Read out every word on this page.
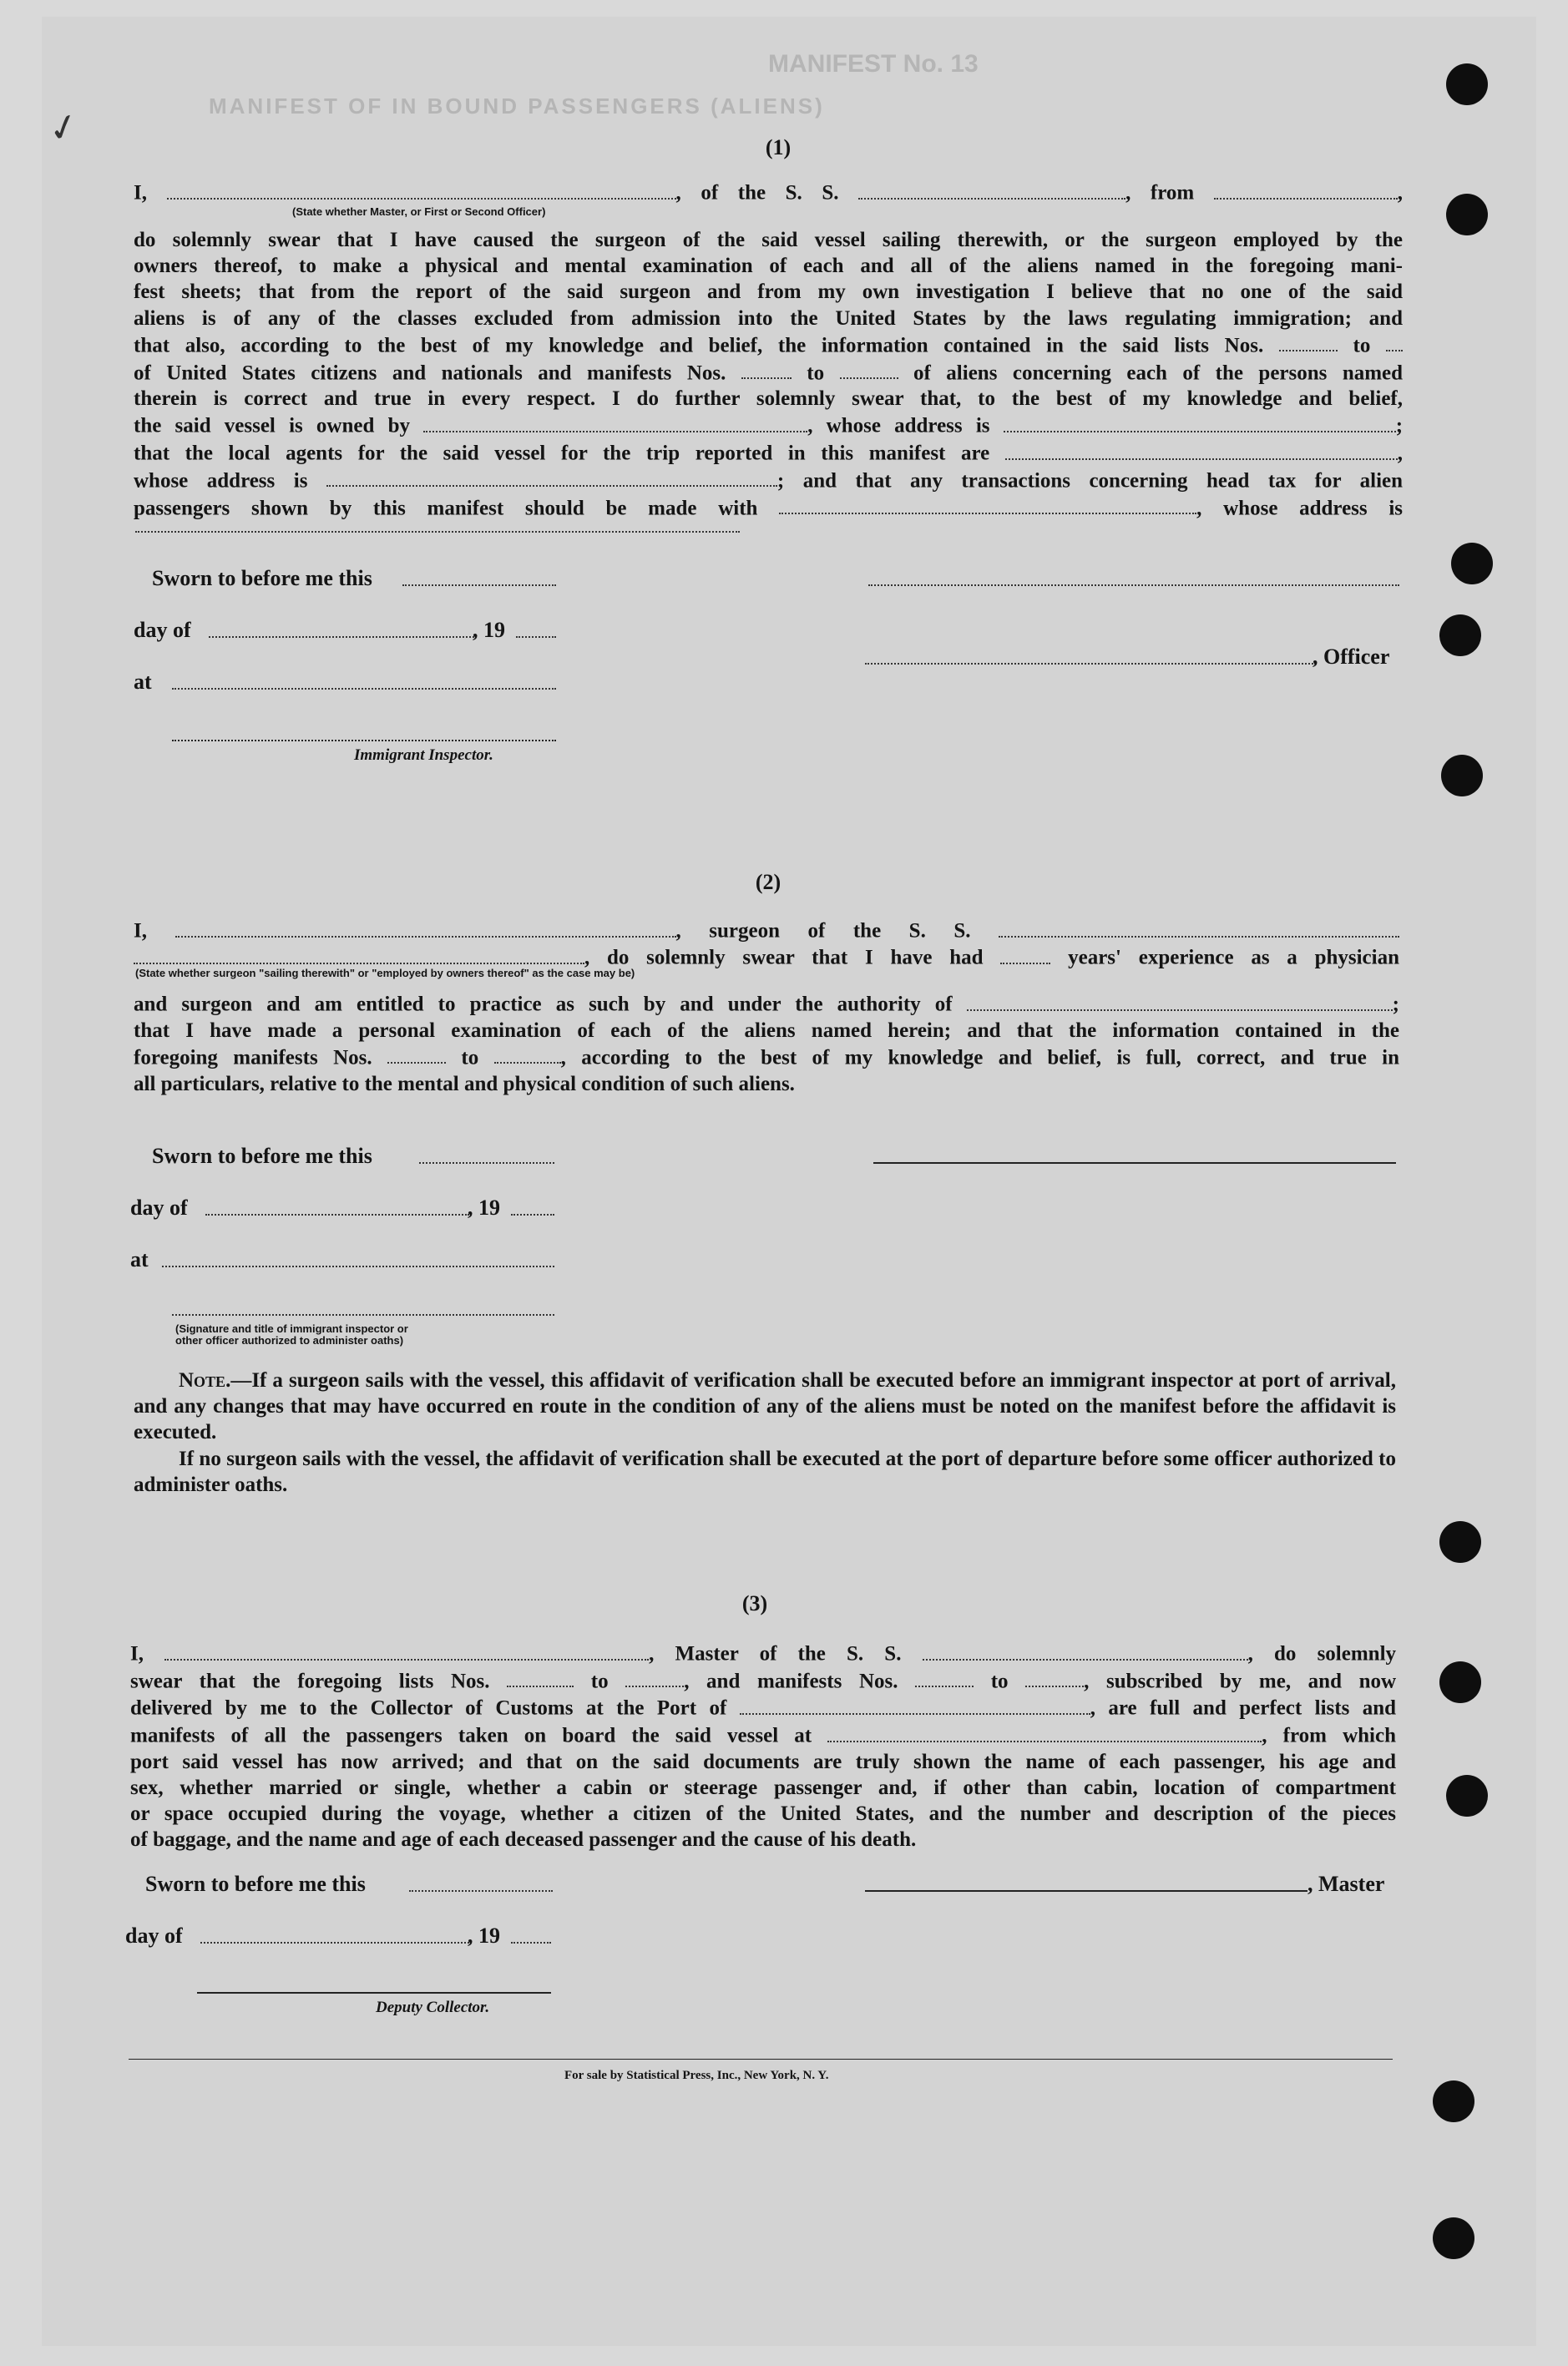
MANIFEST No. 13
MANIFEST OF IN BOUND PASSENGERS (ALIENS)
✓	(1)
I,	, of the S. S.	, from	,
(State whether Master, or First or Second Officer)
do solemnly swear that I have caused the surgeon of the said vessel sailing therewith, or the surgeon employed by the
owners thereof, to make a physical and mental examination of each and all of the aliens named in the foregoing mani-
fest sheets; that from the report of the said surgeon and from my own investigation I believe that no one of the said
aliens is of any of the classes excluded from admission into the United States by the laws regulating immigration; and
that also, according to the best of my knowledge and belief, the information contained in the said lists Nos.	to
of United States citizens and nationals and manifests Nos.	to	of aliens concerning each of the persons named
therein is correct and true in every respect. I do further solemnly swear that, to the best of my knowledge and belief,
the said vessel is owned by	, whose address is	;
that the local agents for the said vessel for the trip reported in this manifest are	,
whose address is	; and that any transactions concerning head tax for alien
passengers shown by this manifest should be made with	, whose address is
Sworn to before me this
day of	, 19
, Officer
at
Immigrant Inspector.
(2)
I,	, surgeon of the S. S.
, do solemnly swear that I have had	years' experience as a physician
(State whether surgeon "sailing therewith" or "employed by owners thereof" as the case may be)
and surgeon and am entitled to practice as such by and under the authority of	;
that I have made a personal examination of each of the aliens named herein; and that the information contained in the
foregoing manifests Nos.	to	, according to the best of my knowledge and belief, is full, correct, and true in
all particulars, relative to the mental and physical condition of such aliens.
Sworn to before me this
day of	, 19
at
(Signature and title of immigrant inspector or
other officer authorized to administer oaths)
Note.—If a surgeon sails with the vessel, this affidavit of verification shall be executed before an immigrant inspector at port of arrival, and any changes that may have occurred en route in the condition of any of the aliens must be noted on the manifest before the affidavit is executed.
If no surgeon sails with the vessel, the affidavit of verification shall be executed at the port of departure before some officer authorized to administer oaths.
(3)
I,	, Master of the S. S.	, do solemnly
swear that the foregoing lists Nos.	to	, and manifests Nos.	to	, subscribed by me, and now
delivered by me to the Collector of Customs at the Port of	, are full and perfect lists and
manifests of all the passengers taken on board the said vessel at	, from which
port said vessel has now arrived; and that on the said documents are truly shown the name of each passenger, his age and
sex, whether married or single, whether a cabin or steerage passenger and, if other than cabin, location of compartment
or space occupied during the voyage, whether a citizen of the United States, and the number and description of the pieces
of baggage, and the name and age of each deceased passenger and the cause of his death.
Sworn to before me this	, Master
day of	, 19
Deputy Collector.
For sale by Statistical Press, Inc., New York, N. Y.
